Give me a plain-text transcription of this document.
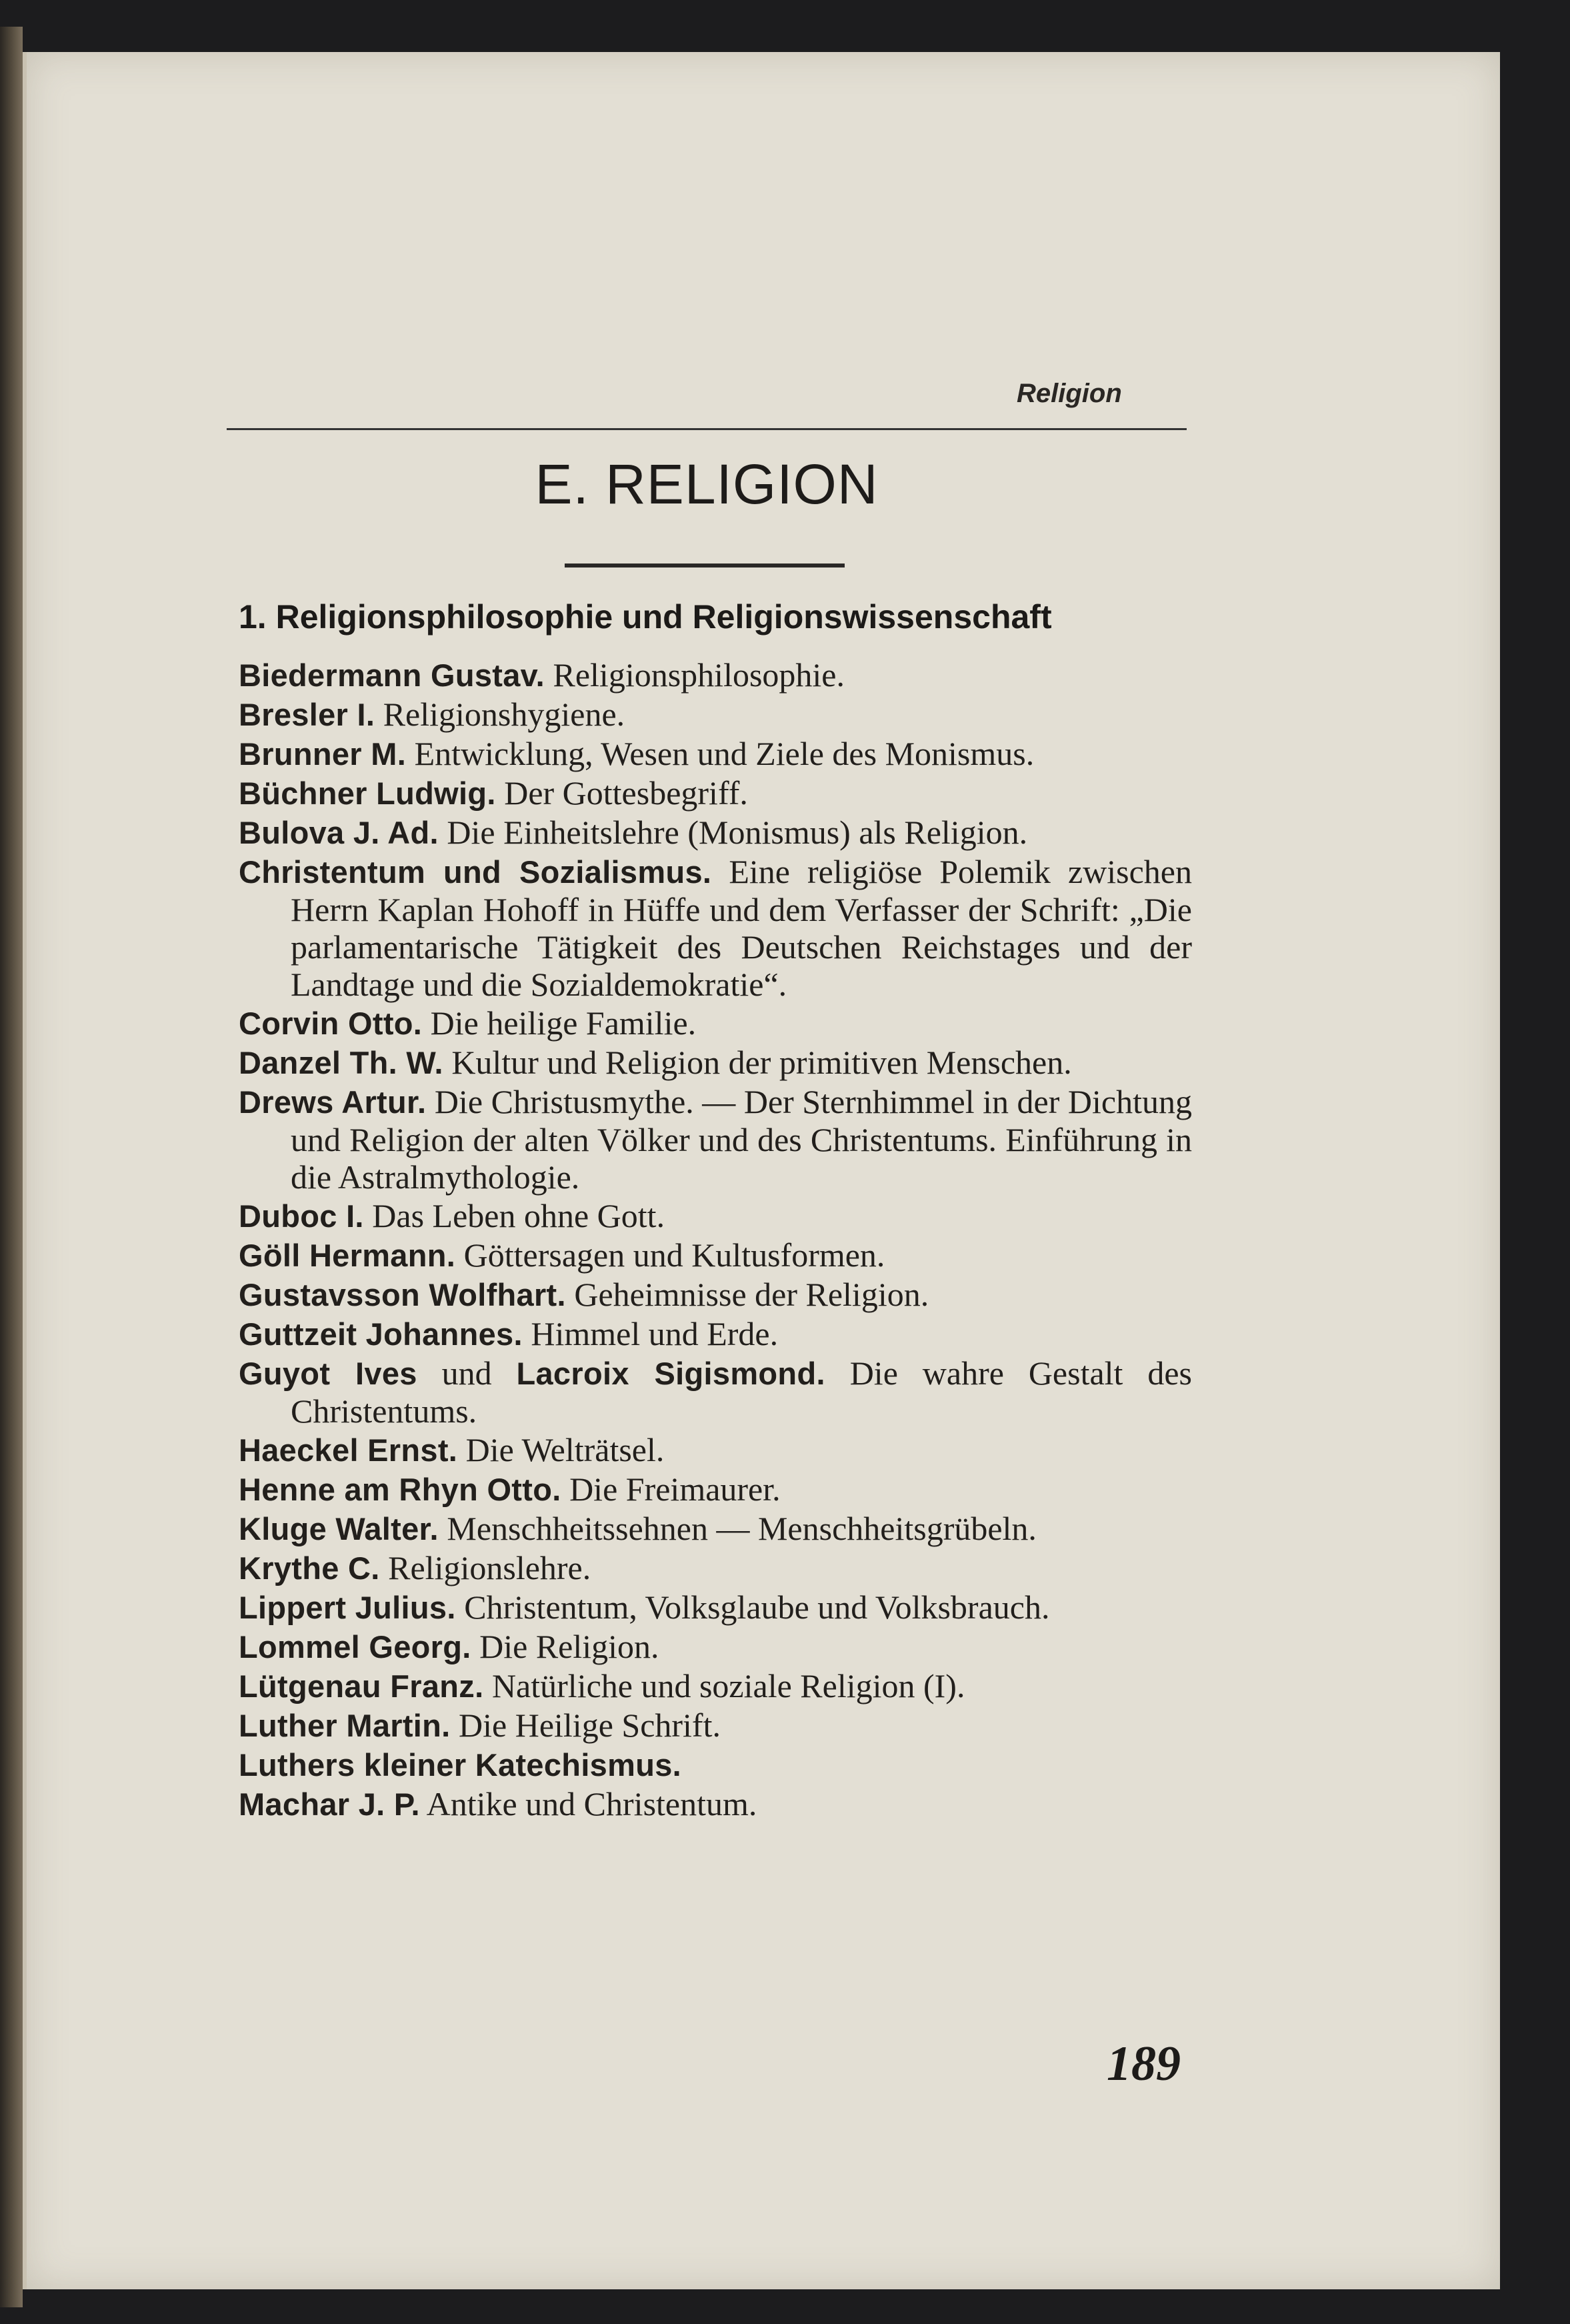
Religion
E. RELIGION
1. Religionsphilosophie und Religionswissenschaft
Biedermann Gustav. Religionsphilosophie.
Bresler I. Religionshygiene.
Brunner M. Entwicklung, Wesen und Ziele des Monismus.
Büchner Ludwig. Der Gottesbegriff.
Bulova J. Ad. Die Einheitslehre (Monismus) als Religion.
Christentum und Sozialismus. Eine religiöse Polemik zwischen Herrn Kaplan Hohoff in Hüffe und dem Verfasser der Schrift: „Die parlamentarische Tätigkeit des Deutschen Reichstages und der Landtage und die Sozialdemokratie“.
Corvin Otto. Die heilige Familie.
Danzel Th. W. Kultur und Religion der primitiven Menschen.
Drews Artur. Die Christusmythe. — Der Sternhimmel in der Dichtung und Religion der alten Völker und des Christentums. Einführung in die Astralmythologie.
Duboc I. Das Leben ohne Gott.
Göll Hermann. Göttersagen und Kultusformen.
Gustavsson Wolfhart. Geheimnisse der Religion.
Guttzeit Johannes. Himmel und Erde.
Guyot Ives und Lacroix Sigismond. Die wahre Gestalt des Christentums.
Haeckel Ernst. Die Welträtsel.
Henne am Rhyn Otto. Die Freimaurer.
Kluge Walter. Menschheitssehnen — Menschheitsgrübeln.
Krythe C. Religionslehre.
Lippert Julius. Christentum, Volksglaube und Volksbrauch.
Lommel Georg. Die Religion.
Lütgenau Franz. Natürliche und soziale Religion (I).
Luther Martin. Die Heilige Schrift.
Luthers kleiner Katechismus.
Machar J. P. Antike und Christentum.
189
